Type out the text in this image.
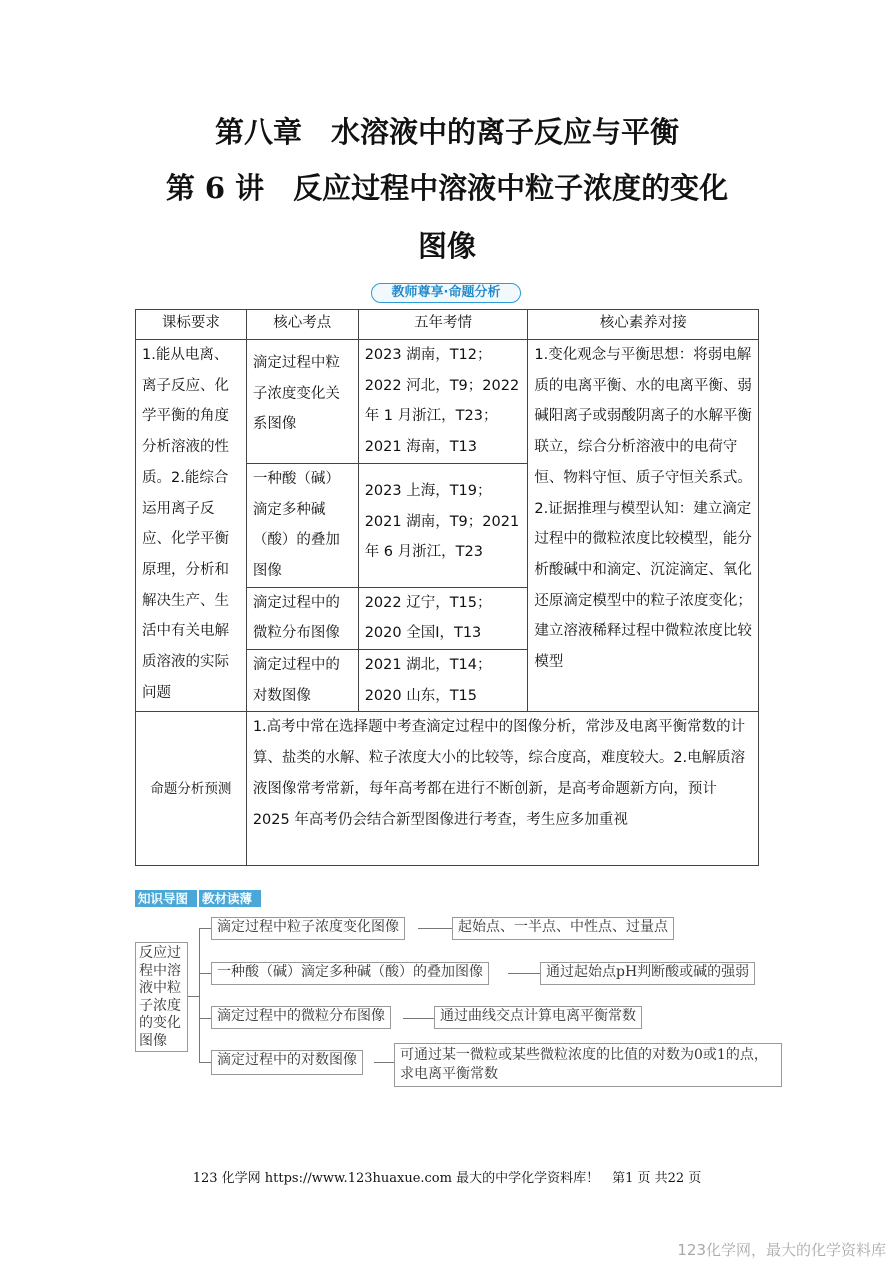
第八章　水溶液中的离子反应与平衡
第 6 讲　反应过程中溶液中粒子浓度的变化
图像
教师尊享·命题分析
课标要求	核心考点	五年考情	核心素养对接
1.能从电离、离子反应、化学平衡的角度分析溶液的性质。2.能综合运用离子反应、化学平衡原理，分析和解决生产、生活中有关电解质溶液的实际问题	滴定过程中粒子浓度变化关系图像	2023 湖南，T12；2022 河北，T9；2022 年 1 月浙江，T23；2021 海南，T13	1.变化观念与平衡思想：将弱电解质的电离平衡、水的电离平衡、弱碱阳离子或弱酸阴离子的水解平衡联立，综合分析溶液中的电荷守恒、物料守恒、质子守恒关系式。2.证据推理与模型认知：建立滴定过程中的微粒浓度比较模型，能分析酸碱中和滴定、沉淀滴定、氧化还原滴定模型中的粒子浓度变化；建立溶液稀释过程中微粒浓度比较模型
	一种酸（碱）滴定多种碱（酸）的叠加图像	2023 上海，T19；2021 湖南，T9；2021 年 6 月浙江，T23	
	滴定过程中的微粒分布图像	2022 辽宁，T15；2020 全国Ⅰ，T13	
	滴定过程中的对数图像	2021 湖北，T14；2020 山东，T15	
命题分析预测	1.高考中常在选择题中考查滴定过程中的图像分析，常涉及电离平衡常数的计算、盐类的水解、粒子浓度大小的比较等，综合度高，难度较大。2.电解质溶液图像常考常新，每年高考都在进行不断创新，是高考命题新方向，预计 2025 年高考仍会结合新型图像进行考查，考生应多加重视		
知识导图	教材读薄
反应过程中溶液中粒子浓度的变化图像
滴定过程中粒子浓度变化图像	起始点、一半点、中性点、过量点
一种酸（碱）滴定多种碱（酸）的叠加图像	通过起始点pH判断酸或碱的强弱
滴定过程中的微粒分布图像	通过曲线交点计算电离平衡常数
滴定过程中的对数图像	可通过某一微粒或某些微粒浓度的比值的对数为0或1的点，求电离平衡常数
123 化学网 https://www.123huaxue.com 最大的中学化学资料库！　第1 页 共22 页
123化学网，最大的化学资料库
